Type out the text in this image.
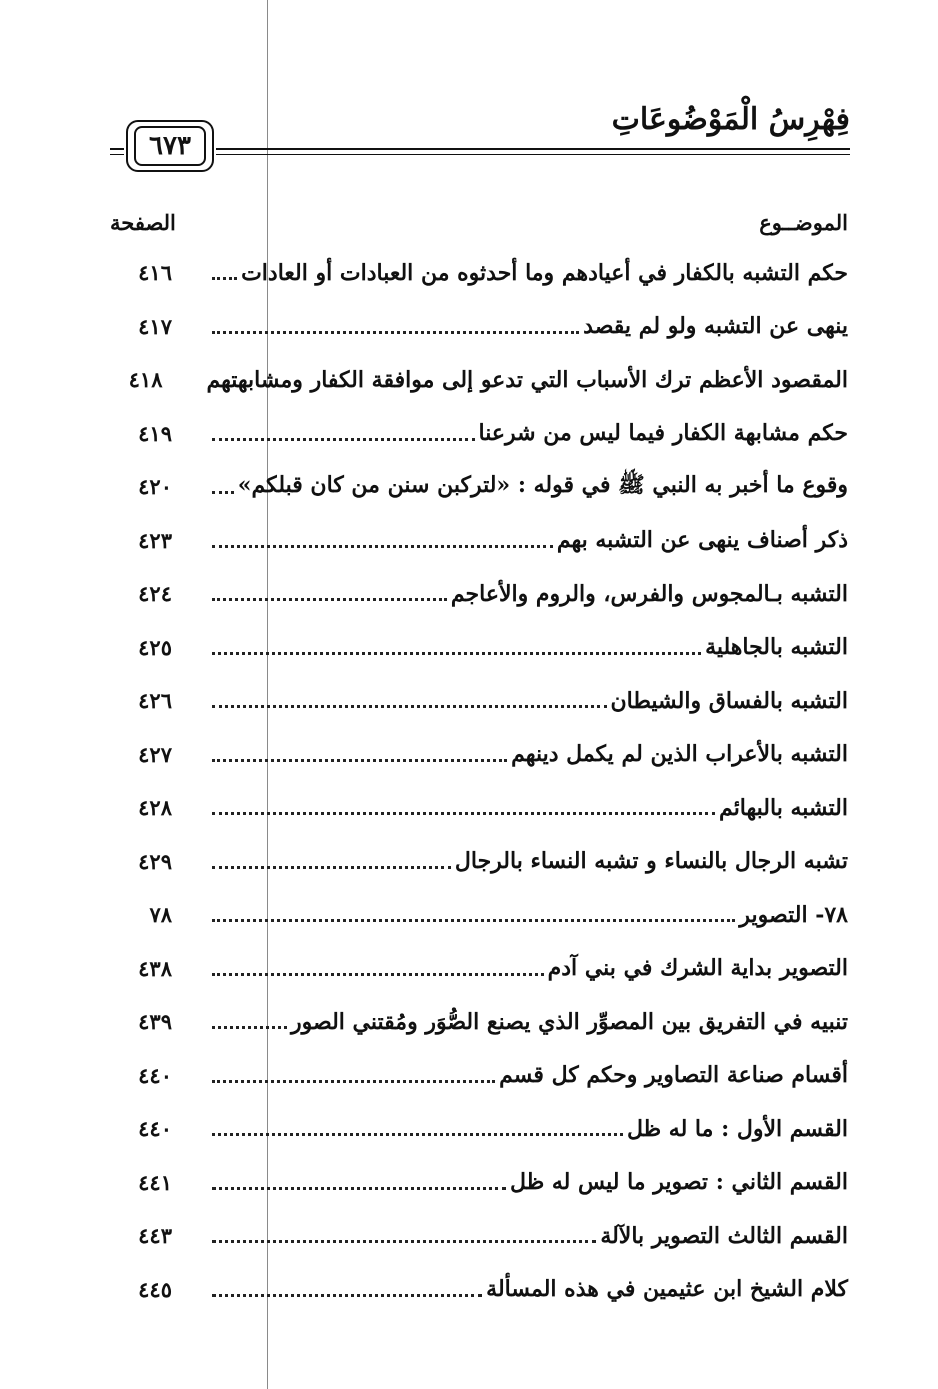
فِهْرِسُ الْمَوْضُوعَاتِ
٦٧٣
الموضــوع
الصفحة
حكم التشبه بالكفار في أعيادهم وما أحدثوه من العبادات أو العادات
٤١٦
ينهى عن التشبه ولو لم يقصد
٤١٧
المقصود الأعظم ترك الأسباب التي تدعو إلى موافقة الكفار ومشابهتهم
٤١٨
حكم مشابهة الكفار فيما ليس من شرعنا
٤١٩
وقوع ما أخبر به النبي ﷺ في قوله : «لتركبن سنن من كان قبلكم»
٤٢٠
ذكر أصناف ينهى عن التشبه بهم
٤٢٣
التشبه بـالمجوس والفرس، والروم والأعاجم
٤٢٤
التشبه بالجاهلية
٤٢٥
التشبه بالفساق والشيطان
٤٢٦
التشبه بالأعراب الذين لم يكمل دينهم
٤٢٧
التشبه بالبهائم
٤٢٨
تشبه الرجال بالنساء و تشبه النساء بالرجال
٤٢٩
٧٨- التصوير
٧٨
التصوير بداية الشرك في بني آدم
٤٣٨
تنبيه في التفريق بين المصوِّر الذي يصنع الصُّوَر ومُقتني الصور
٤٣٩
أقسام صناعة التصاوير وحكم كل قسم
٤٤٠
القسم الأول : ما له ظل
٤٤٠
القسم الثاني : تصوير ما ليس له ظل
٤٤١
القسم الثالث التصوير بالآلة
٤٤٣
كلام الشيخ ابن عثيمين في هذه المسألة
٤٤٥
